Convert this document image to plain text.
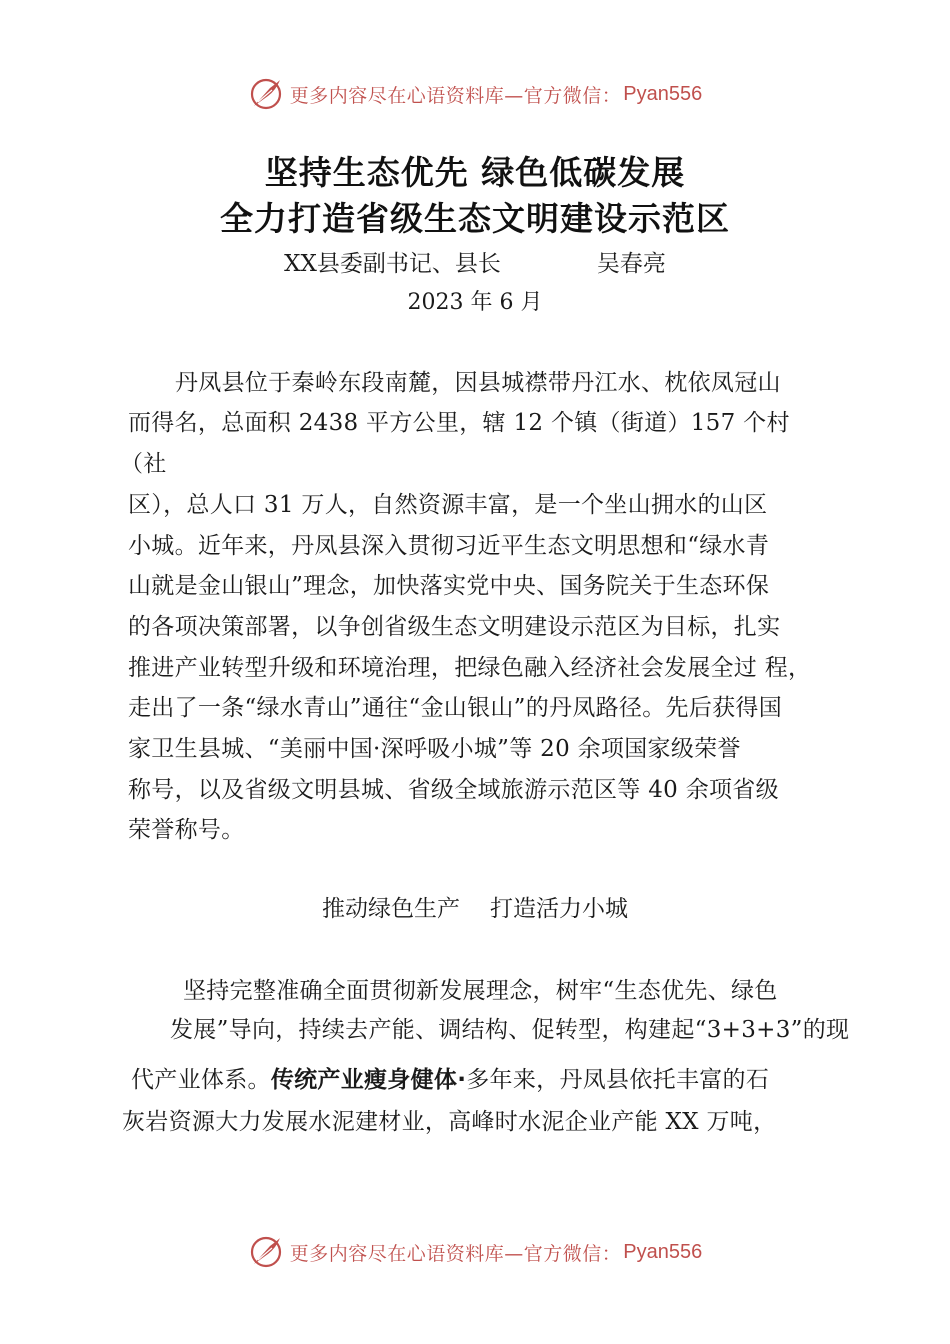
更多内容尽在心语资料库—官方微信： Pyan556
坚持生态优先 绿色低碳发展
全力打造省级生态文明建设示范区
XX县委副书记、县长	吴春亮
2023 年 6 月
丹凤县位于秦岭东段南麓，因县城襟带丹江水、枕依凤冠山
而得名，总面积 2438 平方公里，辖 12 个镇（街道）157 个村
（社
区），总人口 31 万人，自然资源丰富，是一个坐山拥水的山区
小城。近年来，丹凤县深入贯彻习近平生态文明思想和“绿水青
山就是金山银山”理念，加快落实党中央、国务院关于生态环保
的各项决策部署，以争创省级生态文明建设示范区为目标，扎实
推进产业转型升级和环境治理，把绿色融入经济社会发展全过 程，
走出了一条“绿水青山”通往“金山银山”的丹凤路径。先后获得国
家卫生县城、“美丽中国·深呼吸小城”等 20 余项国家级荣誉
称号，以及省级文明县城、省级全域旅游示范区等 40 余项省级
荣誉称号。
推动绿色生产 打造活力小城
坚持完整准确全面贯彻新发展理念，树牢“生态优先、绿色
发展”导向，持续去产能、调结构、促转型，构建起“3+3+3”的现
代产业体系。传统产业瘦身健体·多年来，丹凤县依托丰富的石
灰岩资源大力发展水泥建材业，高峰时水泥企业产能 XX 万吨，
更多内容尽在心语资料库—官方微信： Pyan556
